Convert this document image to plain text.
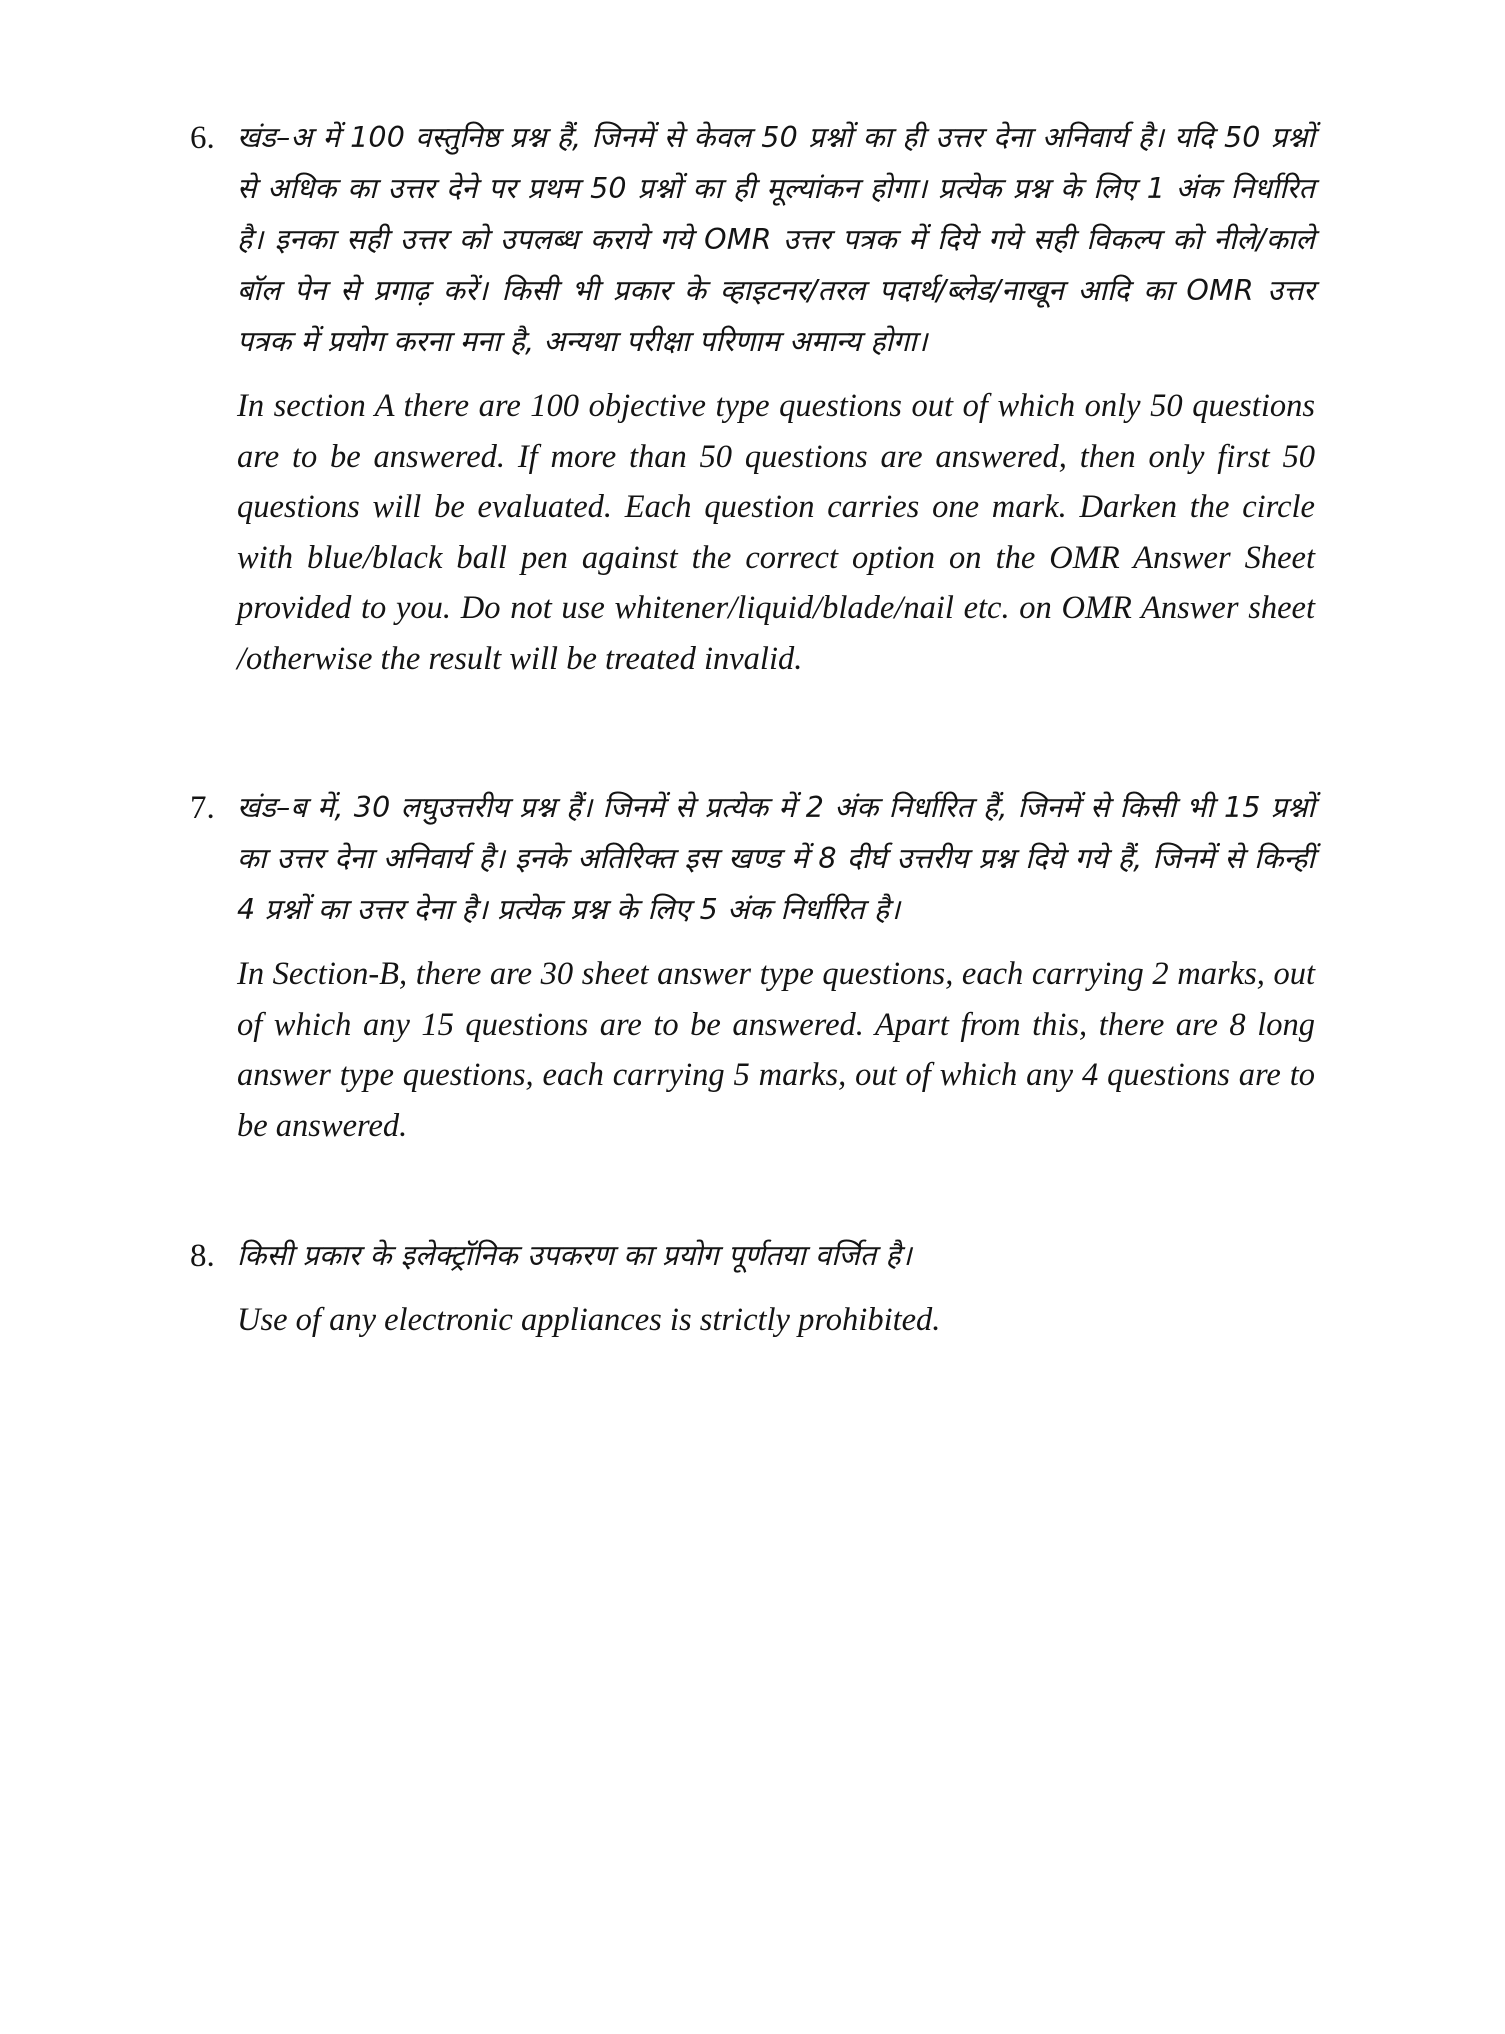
6. खंड–अ में 100 वस्तुनिष्ठ प्रश्न हैं, जिनमें से केवल 50 प्रश्नों का ही उत्तर देना अनिवार्य है। यदि 50 प्रश्नों से अधिक का उत्तर देने पर प्रथम 50 प्रश्नों का ही मूल्यांकन होगा। प्रत्येक प्रश्न के लिए 1 अंक निर्धारित है। इनका सही उत्तर को उपलब्ध कराये गये OMR उत्तर पत्रक में दिये गये सही विकल्प को नीले/काले बॉल पेन से प्रगाढ़ करें। किसी भी प्रकार के व्हाइटनर/तरल पदार्थ/ब्लेड/नाखून आदि का OMR उत्तर पत्रक में प्रयोग करना मना है, अन्यथा परीक्षा परिणाम अमान्य होगा।

In section A there are 100 objective type questions out of which only 50 questions are to be answered. If more than 50 questions are answered, then only first 50 questions will be evaluated. Each question carries one mark. Darken the circle with blue/black ball pen against the correct option on the OMR Answer Sheet provided to you. Do not use whitener/liquid/blade/nail etc. on OMR Answer sheet /otherwise the result will be treated invalid.

7. खंड–ब में, 30 लघुउत्तरीय प्रश्न हैं। जिनमें से प्रत्येक में 2 अंक निर्धारित हैं, जिनमें से किसी भी 15 प्रश्नों का उत्तर देना अनिवार्य है। इनके अतिरिक्त इस खण्ड में 8 दीर्घ उत्तरीय प्रश्न दिये गये हैं, जिनमें से किन्हीं 4 प्रश्नों का उत्तर देना है। प्रत्येक प्रश्न के लिए 5 अंक निर्धारित है।

In Section-B, there are 30 sheet answer type questions, each carrying 2 marks, out of which any 15 questions are to be answered. Apart from this, there are 8 long answer type questions, each carrying 5 marks, out of which any 4 questions are to be answered.

8. किसी प्रकार के इलेक्ट्रॉनिक उपकरण का प्रयोग पूर्णतया वर्जित है।

Use of any electronic appliances is strictly prohibited.
